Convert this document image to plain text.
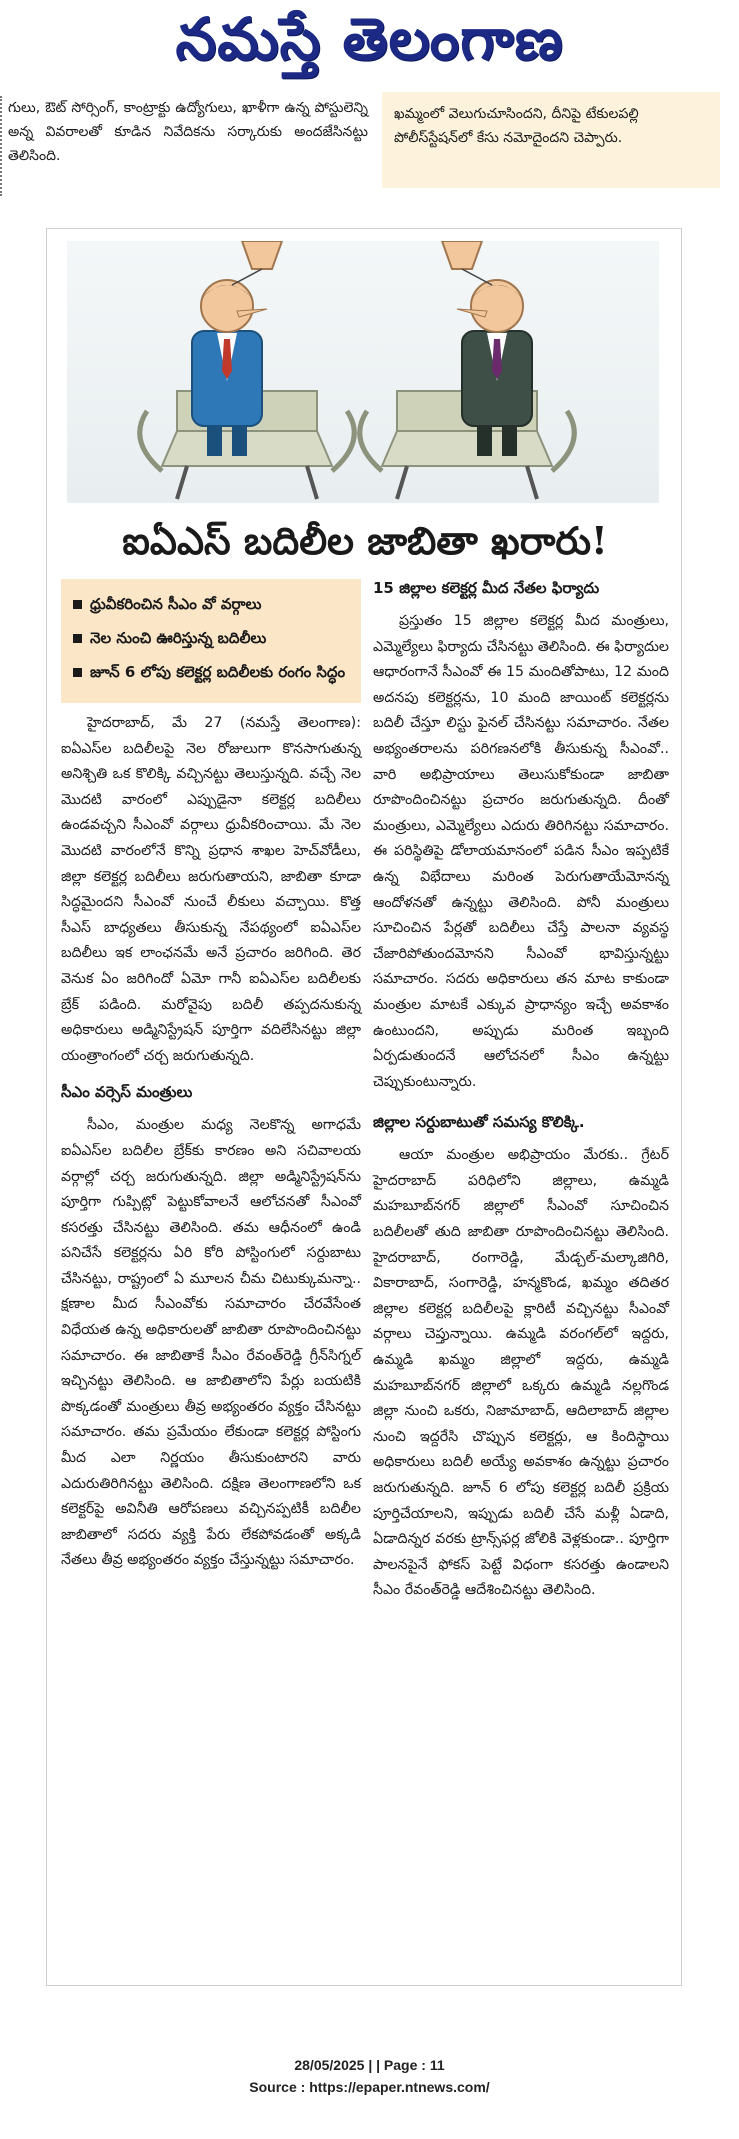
నమస్తే తెలంగాణ
గులు, ఔట్ సోర్సింగ్, కాంట్రాక్టు ఉద్యోగులు, ఖాళీగా ఉన్న పోస్టులెన్ని అన్న వివరాలతో కూడిన నివేదికను సర్కారుకు అందజేసినట్టు తెలిసింది.
ఖమ్మంలో వెలుగుచూసిందని, దీనిపై టేకులపల్లి పోలీస్‌స్టేషన్‌లో కేసు నమోదైందని చెప్పారు.
ఐఏఎస్ బదిలీల జాబితా ఖరారు!
ధ్రువీకరించిన సీఎం వో వర్గాలు
నెల నుంచి ఊరిస్తున్న బదిలీలు
జూన్ 6 లోపు కలెక్టర్ల బదిలీలకు రంగం సిద్ధం

హైదరాబాద్, మే 27 (నమస్తే తెలంగాణ): ఐఏఎస్‌ల బదిలీలపై నెల రోజులుగా కొనసాగుతున్న అనిశ్చితి ఒక కొలిక్కి వచ్చినట్టు తెలుస్తున్నది. వచ్చే నెల మొదటి వారంలో ఎప్పుడైనా కలెక్టర్ల బదిలీలు ఉండవచ్చని సీఎంవో వర్గాలు ధ్రువీకరించాయి. మే నెల మొదటి వారంలోనే కొన్ని ప్రధాన శాఖల హెచ్‌వోడీలు, జిల్లా కలెక్టర్ల బదిలీలు జరుగుతాయని, జాబితా కూడా సిద్ధమైందని సీఎంవో నుంచే లీకులు వచ్చాయి. కొత్త సీఎస్ బాధ్యతలు తీసుకున్న నేపథ్యంలో ఐఏఎస్‌ల బదిలీలు ఇక లాంఛనమే అనే ప్రచారం జరిగింది. తెర వెనుక ఏం జరిగిందో ఏమో గానీ ఐఏఎస్‌ల బదిలీలకు బ్రేక్ పడింది. మరోవైపు బదిలీ తప్పదనుకున్న అధికారులు అడ్మినిస్ట్రేషన్ పూర్తిగా వదిలేసినట్టు జిల్లా యంత్రాంగంలో చర్చ జరుగుతున్నది.

సీఎం వర్సెస్ మంత్రులు

సీఎం, మంత్రుల మధ్య నెలకొన్న అగాధమే ఐఏఎస్‌ల బదిలీల బ్రేక్‌కు కారణం అని సచివాలయ వర్గాల్లో చర్చ జరుగుతున్నది. జిల్లా అడ్మినిస్ట్రేషన్‌ను పూర్తిగా గుప్పిట్లో పెట్టుకోవాలనే ఆలోచనతో సీఎంవో కసరత్తు చేసినట్టు తెలిసింది. తమ ఆధీనంలో ఉండి పనిచేసే కలెక్టర్లను ఏరి కోరి పోస్టింగులో సర్దుబాటు చేసినట్టు, రాష్ట్రంలో ఏ మూలన చీమ చిటుక్కుమన్నా.. క్షణాల మీద సీఎంవోకు సమాచారం చేరవేసేంత విధేయత ఉన్న అధికారులతో జాబితా రూపొందించినట్టు సమాచారం. ఈ జాబితాకే సీఎం రేవంత్‌రెడ్డి గ్రీన్‌సిగ్నల్ ఇచ్చినట్టు తెలిసింది. ఆ జాబితాలోని పేర్లు బయటికి పొక్కడంతో మంత్రులు తీవ్ర అభ్యంతరం వ్యక్తం చేసినట్టు సమాచారం. తమ ప్రమేయం లేకుండా కలెక్టర్ల పోస్టింగు మీద ఎలా నిర్ణయం తీసుకుంటారని వారు ఎదురుతిరిగినట్టు తెలిసింది. దక్షిణ తెలంగాణలోని ఒక కలెక్టర్‌పై అవినీతి ఆరోపణలు వచ్చినప్పటికీ బదిలీల జాబితాలో సదరు వ్యక్తి పేరు లేకపోవడంతో అక్కడి నేతలు తీవ్ర అభ్యంతరం వ్యక్తం చేస్తున్నట్టు సమాచారం.

15 జిల్లాల కలెక్టర్ల మీద నేతల ఫిర్యాదు

ప్రస్తుతం 15 జిల్లాల కలెక్టర్ల మీద మంత్రులు, ఎమ్మెల్యేలు ఫిర్యాదు చేసినట్టు తెలిసింది. ఈ ఫిర్యాదుల ఆధారంగానే సీఎంవో ఈ 15 మందితోపాటు, 12 మంది అదనపు కలెక్టర్లను, 10 మంది జాయింట్ కలెక్టర్లను బదిలీ చేస్తూ లిస్టు ఫైనల్ చేసినట్టు సమాచారం. నేతల అభ్యంతరాలను పరిగణనలోకి తీసుకున్న సీఎంవో.. వారి అభిప్రాయాలు తెలుసుకోకుండా జాబితా రూపొందించినట్టు ప్రచారం జరుగుతున్నది. దీంతో మంత్రులు, ఎమ్మెల్యేలు ఎదురు తిరిగినట్టు సమాచారం. ఈ పరిస్థితిపై డోలాయమానంలో పడిన సీఎం ఇప్పటికే ఉన్న విభేదాలు మరింత పెరుగుతాయేమోనన్న ఆందోళనతో ఉన్నట్టు తెలిసింది. పోనీ మంత్రులు సూచించిన పేర్లతో బదిలీలు చేస్తే పాలనా వ్యవస్థ చేజారిపోతుందమోనని సీఎంవో భావిస్తున్నట్టు సమాచారం. సదరు అధికారులు తన మాట కాకుండా మంత్రుల మాటకే ఎక్కువ ప్రాధాన్యం ఇచ్చే అవకాశం ఉంటుందని, అప్పుడు మరింత ఇబ్బంది ఏర్పడుతుందనే ఆలోచనలో సీఎం ఉన్నట్టు చెప్పుకుంటున్నారు.

జిల్లాల సర్దుబాటుతో సమస్య కొలిక్కి.

ఆయా మంత్రుల అభిప్రాయం మేరకు.. గ్రేటర్ హైదరాబాద్ పరిధిలోని జిల్లాలు, ఉమ్మడి మహబూబ్‌నగర్ జిల్లాలో సీఎంవో సూచించిన బదిలీలతో తుది జాబితా రూపొందించినట్టు తెలిసింది. హైదరాబాద్, రంగారెడ్డి, మేడ్చల్-మల్కాజిగిరి, వికారాబాద్, సంగారెడ్డి, హన్మకొండ, ఖమ్మం తదితర జిల్లాల కలెక్టర్ల బదిలీలపై క్లారిటీ వచ్చినట్టు సీఎంవో వర్గాలు చెప్తున్నాయి. ఉమ్మడి వరంగల్‌లో ఇద్దరు, ఉమ్మడి ఖమ్మం జిల్లాలో ఇద్దరు, ఉమ్మడి మహబూబ్‌నగర్ జిల్లాలో ఒక్కరు ఉమ్మడి నల్లగొండ జిల్లా నుంచి ఒకరు, నిజామాబాద్, ఆదిలాబాద్ జిల్లాల నుంచి ఇద్దరేసి చొప్పున కలెక్టర్లు, ఆ కిందిస్థాయి అధికారులు బదిలీ అయ్యే అవకాశం ఉన్నట్టు ప్రచారం జరుగుతున్నది. జూన్ 6 లోపు కలెక్టర్ల బదిలీ ప్రక్రియ పూర్తిచేయాలని, ఇప్పుడు బదిలీ చేసే మళ్లీ ఏడాది, ఏడాదిన్నర వరకు ట్రాన్స్‌ఫర్ల జోలికి వెళ్లకుండా.. పూర్తిగా పాలనపైనే ఫోకస్ పెట్టే విధంగా కసరత్తు ఉండాలని సీఎం రేవంత్‌రెడ్డి ఆదేశించినట్టు తెలిసింది.

28/05/2025 | | Page : 11
Source : https://epaper.ntnews.com/
